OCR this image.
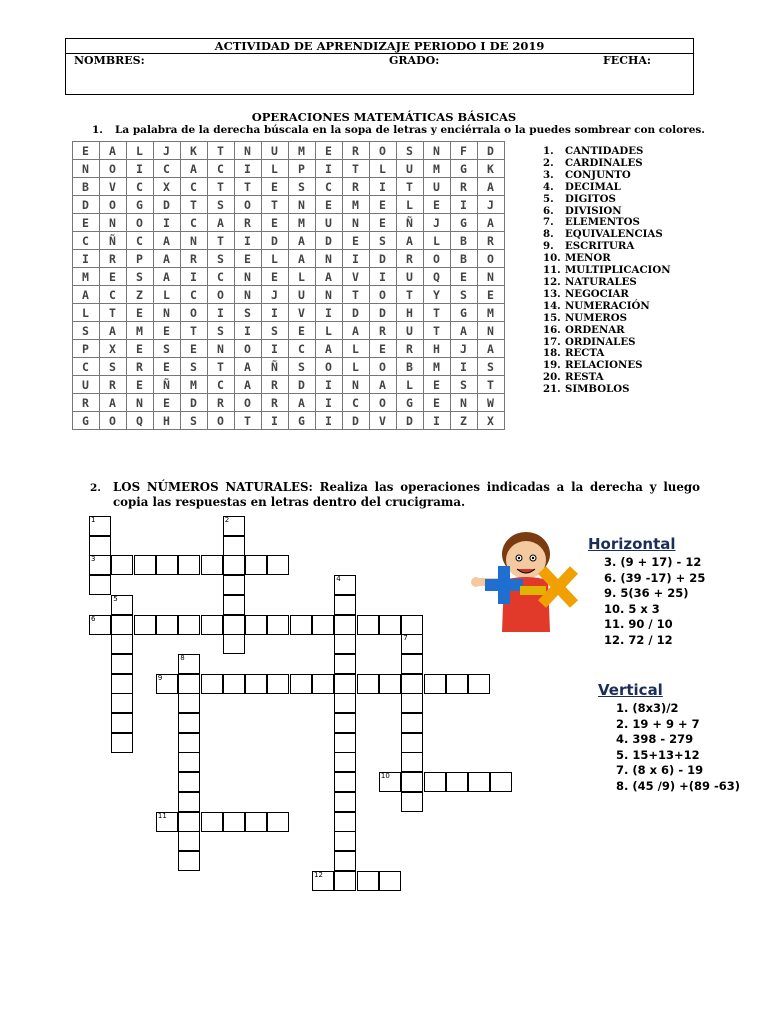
ACTIVIDAD DE APRENDIZAJE PERIODO I DE 2019
NOMBRES:	GRADO:	FECHA:
OPERACIONES MATEMÁTICAS BÁSICAS
1. La palabra de la derecha búscala en la sopa de letras y enciérrala o la puedes sombrear con colores.
E	A	L	J	K	T	N	U	M	E	R	O	S	N	F	D
N	O	I	C	A	C	I	L	P	I	T	L	U	M	G	K
B	V	C	X	C	T	T	E	S	C	R	I	T	U	R	A
D	O	G	D	T	S	O	T	N	E	M	E	L	E	I	J
E	N	O	I	C	A	R	E	M	U	N	E	Ñ	J	G	A
C	Ñ	C	A	N	T	I	D	A	D	E	S	A	L	B	R
I	R	P	A	R	S	E	L	A	N	I	D	R	O	B	O
M	E	S	A	I	C	N	E	L	A	V	I	U	Q	E	N
A	C	Z	L	C	O	N	J	U	N	T	O	T	Y	S	E
L	T	E	N	O	I	S	I	V	I	D	D	H	T	G	M
S	A	M	E	T	S	I	S	E	L	A	R	U	T	A	N
P	X	E	S	E	N	O	I	C	A	L	E	R	H	J	A
C	S	R	E	S	T	A	Ñ	S	O	L	O	B	M	I	S
U	R	E	Ñ	M	C	A	R	D	I	N	A	L	E	S	T
R	A	N	E	D	R	O	R	A	I	C	O	G	E	N	W
G	O	Q	H	S	O	T	I	G	I	D	V	D	I	Z	X
1. CANTIDADES
2. CARDINALES
3. CONJUNTO
4. DECIMAL
5. DIGITOS
6. DIVISION
7. ELEMENTOS
8. EQUIVALENCIAS
9. ESCRITURA
10. MENOR
11. MULTIPLICACION
12. NATURALES
13. NEGOCIAR
14. NUMERACIÓN
15. NUMEROS
16. ORDENAR
17. ORDINALES
18. RECTA
19. RELACIONES
20. RESTA
21. SIMBOLOS
2. LOS NÚMEROS NATURALES: Realiza las operaciones indicadas a la derecha y luego copia las respuestas en letras dentro del crucigrama.
1	2
3
4
5
6
7
8
9
10
11
12
Horizontal
3. (9 + 17) - 12
6. (39 -17) + 25
9. 5(36 + 25)
10. 5 x 3
11. 90 / 10
12. 72 / 12
Vertical
1. (8x3)/2
2. 19 + 9 + 7
4. 398 - 279
5. 15+13+12
7. (8 x 6) - 19
8. (45 /9) +(89 -63)
